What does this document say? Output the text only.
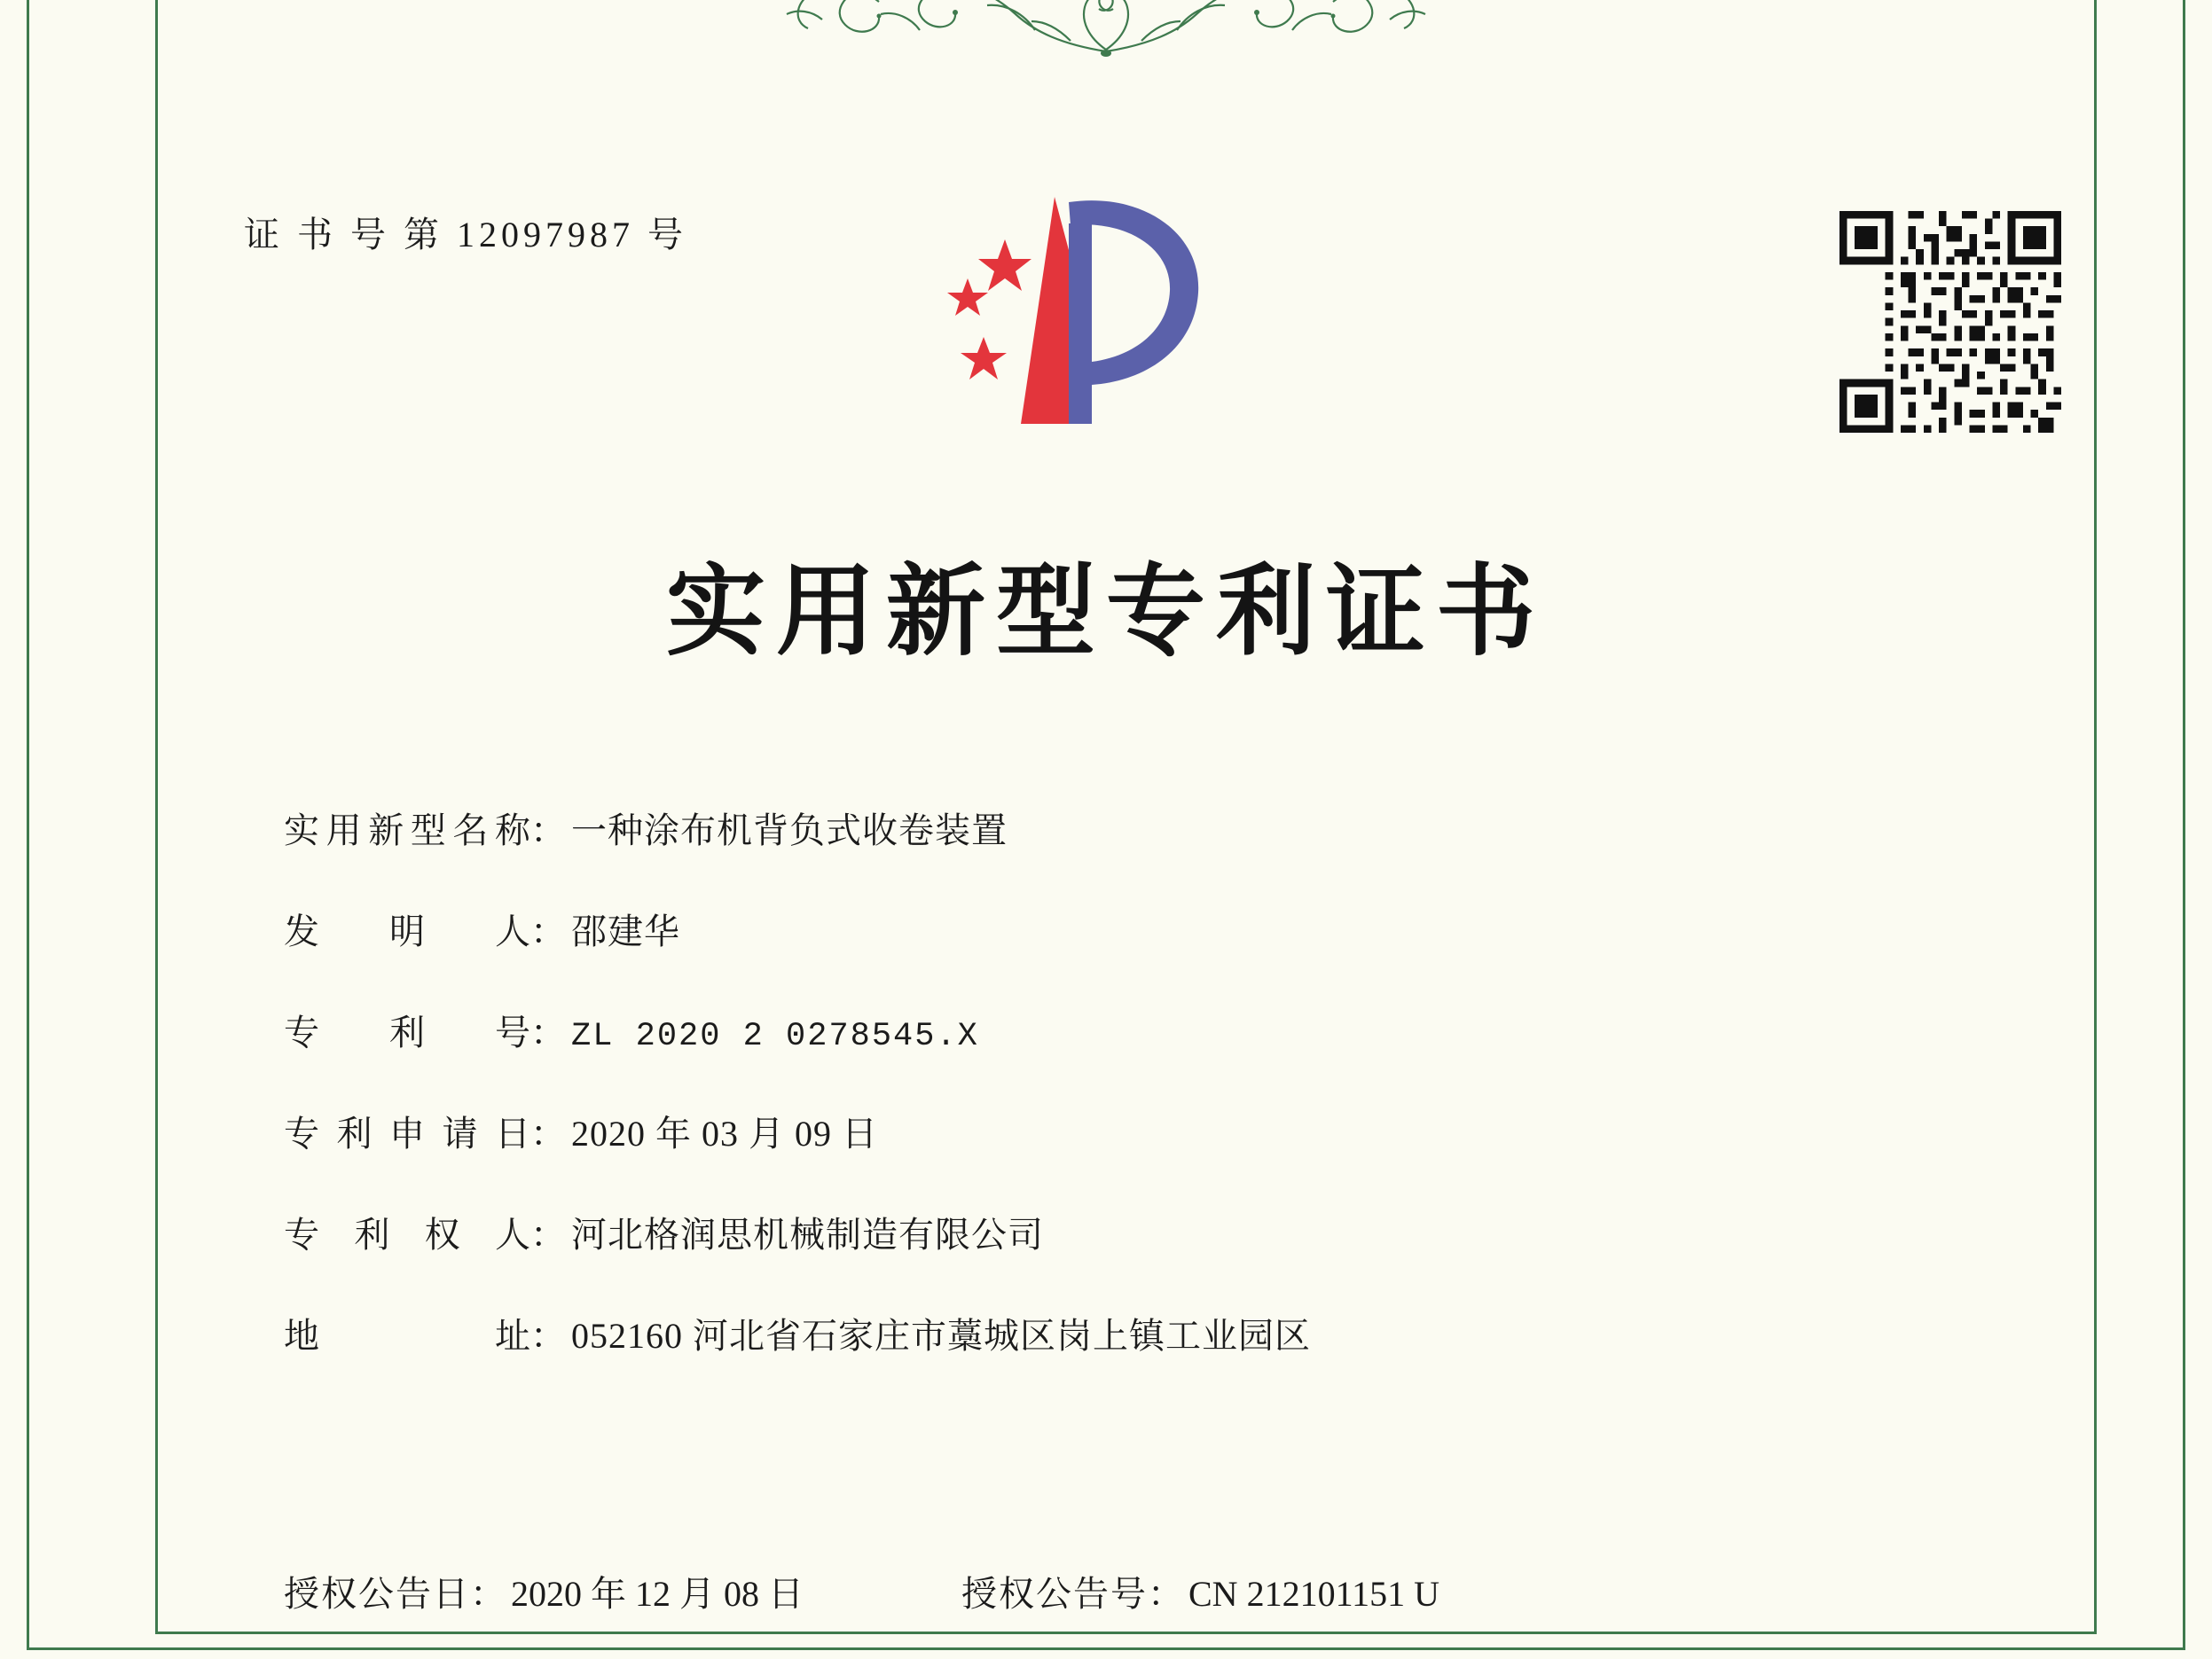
证 书 号 第 12097987 号
实用新型专利证书
实用新型名称 ： 一种涂布机背负式收卷装置
发明人 ： 邵建华
专利号 ： ZL 2020 2 0278545.X
专利申请日 ： 2020 年 03 月 09 日
专利权人 ： 河北格润思机械制造有限公司
地址 ： 052160 河北省石家庄市藁城区岗上镇工业园区
授权公告日 ： 2020 年 12 月 08 日	授权公告号 ： CN 212101151 U
